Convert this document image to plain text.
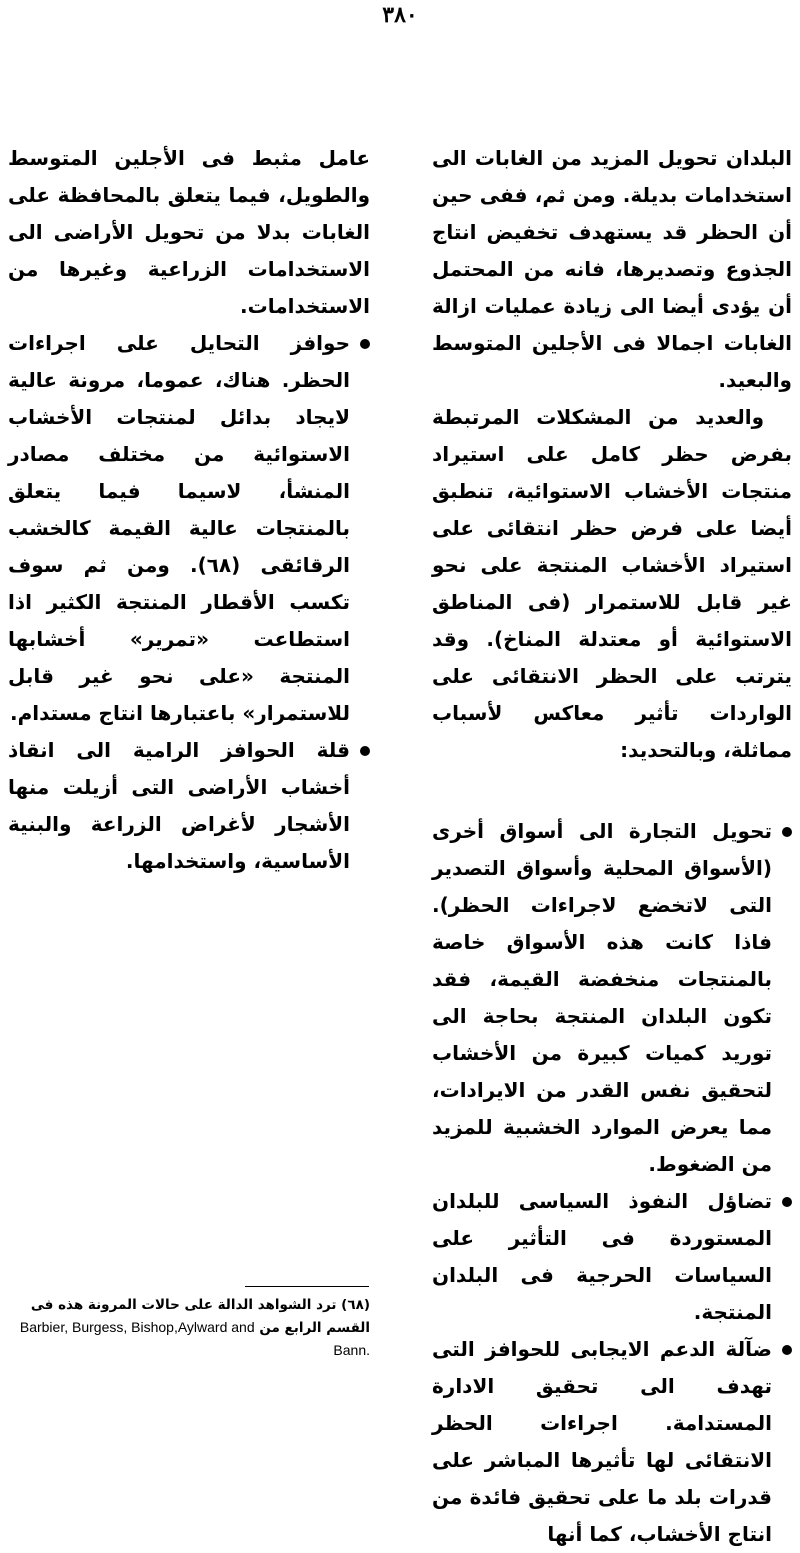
٣٨٠

البلدان تحويل المزيد من الغابات الى استخدامات بديلة. ومن ثم، ففى حين أن الحظر قد يستهدف تخفيض انتاج الجذوع وتصديرها، فانه من المحتمل أن يؤدى أيضا الى زيادة عمليات ازالة الغابات اجمالا فى الأجلين المتوسط والبعيد.

والعديد من المشكلات المرتبطة بفرض حظر كامل على استيراد منتجات الأخشاب الاستوائية، تنطبق أيضا على فرض حظر انتقائى على استيراد الأخشاب المنتجة على نحو غير قابل للاستمرار (فى المناطق الاستوائية أو معتدلة المناخ). وقد يترتب على الحظر الانتقائى على الواردات تأثير معاكس لأسباب مماثلة، وبالتحديد:

تحويل التجارة الى أسواق أخرى (الأسواق المحلية وأسواق التصدير التى لاتخضع لاجراءات الحظر). فاذا كانت هذه الأسواق خاصة بالمنتجات منخفضة القيمة، فقد تكون البلدان المنتجة بحاجة الى توريد كميات كبيرة من الأخشاب لتحقيق نفس القدر من الايرادات، مما يعرض الموارد الخشبية للمزيد من الضغوط.
تضاؤل النفوذ السياسى للبلدان المستوردة فى التأثير على السياسات الحرجية فى البلدان المنتجة.
ضآلة الدعم الايجابى للحوافز التى تهدف الى تحقيق الادارة المستدامة. اجراءات الحظر الانتقائى لها تأثيرها المباشر على قدرات بلد ما على تحقيق فائدة من انتاج الأخشاب، كما أنها

عامل مثبط فى الأجلين المتوسط والطويل، فيما يتعلق بالمحافظة على الغابات بدلا من تحويل الأراضى الى الاستخدامات الزراعية وغيرها من الاستخدامات.

حوافز التحايل على اجراءات الحظر. هناك، عموما، مرونة عالية لايجاد بدائل لمنتجات الأخشاب الاستوائية من مختلف مصادر المنشأ، لاسيما فيما يتعلق بالمنتجات عالية القيمة كالخشب الرقائقى (٦٨). ومن ثم سوف تكسب الأقطار المنتجة الكثير اذا استطاعت «تمرير» أخشابها المنتجة «على نحو غير قابل للاستمرار» باعتبارها انتاج مستدام.
قلة الحوافز الرامية الى انقاذ أخشاب الأراضى التى أزيلت منها الأشجار لأغراض الزراعة والبنية الأساسية، واستخدامها.
(٦٨) ترد الشواهد الدالة على حالات المرونة هذه فى القسم الرابع من Barbier, Burgess, Bishop,Aylward and Bann.
